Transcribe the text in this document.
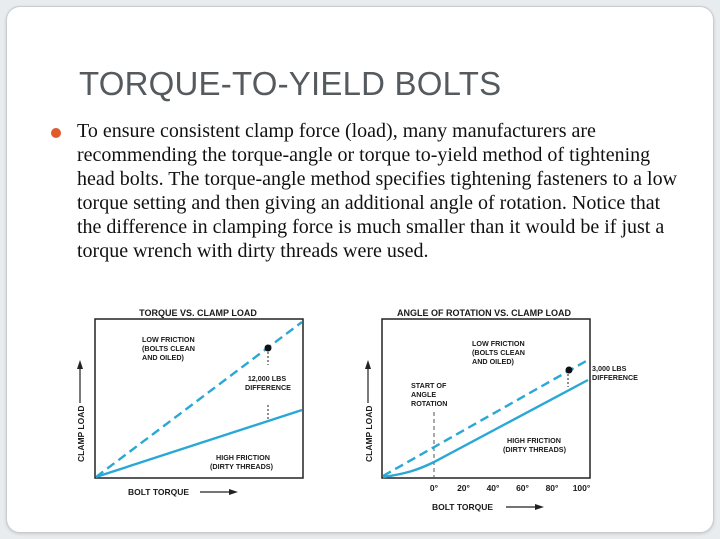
TORQUE-TO-YIELD BOLTS
To ensure consistent clamp force (load), many manufacturers are recommending the torque-angle or torque to-yield method of tightening head bolts. The torque-angle method specifies tightening fasteners to a low torque setting and then giving an additional angle of rotation. Notice that the difference in clamping force is much smaller than it would be if just a torque wrench with dirty threads were used.
TORQUE VS. CLAMP LOAD
LOW FRICTION (BOLTS CLEAN AND OILED)
12,000 LBS DIFFERENCE
HIGH FRICTION (DIRTY THREADS)
CLAMP LOAD
BOLT TORQUE
ANGLE OF ROTATION VS. CLAMP LOAD
LOW FRICTION (BOLTS CLEAN AND OILED)
START OF ANGLE ROTATION
3,000 LBS DIFFERENCE
HIGH FRICTION (DIRTY THREADS)
0° 20° 40° 60° 80° 100°
CLAMP LOAD
BOLT TORQUE
